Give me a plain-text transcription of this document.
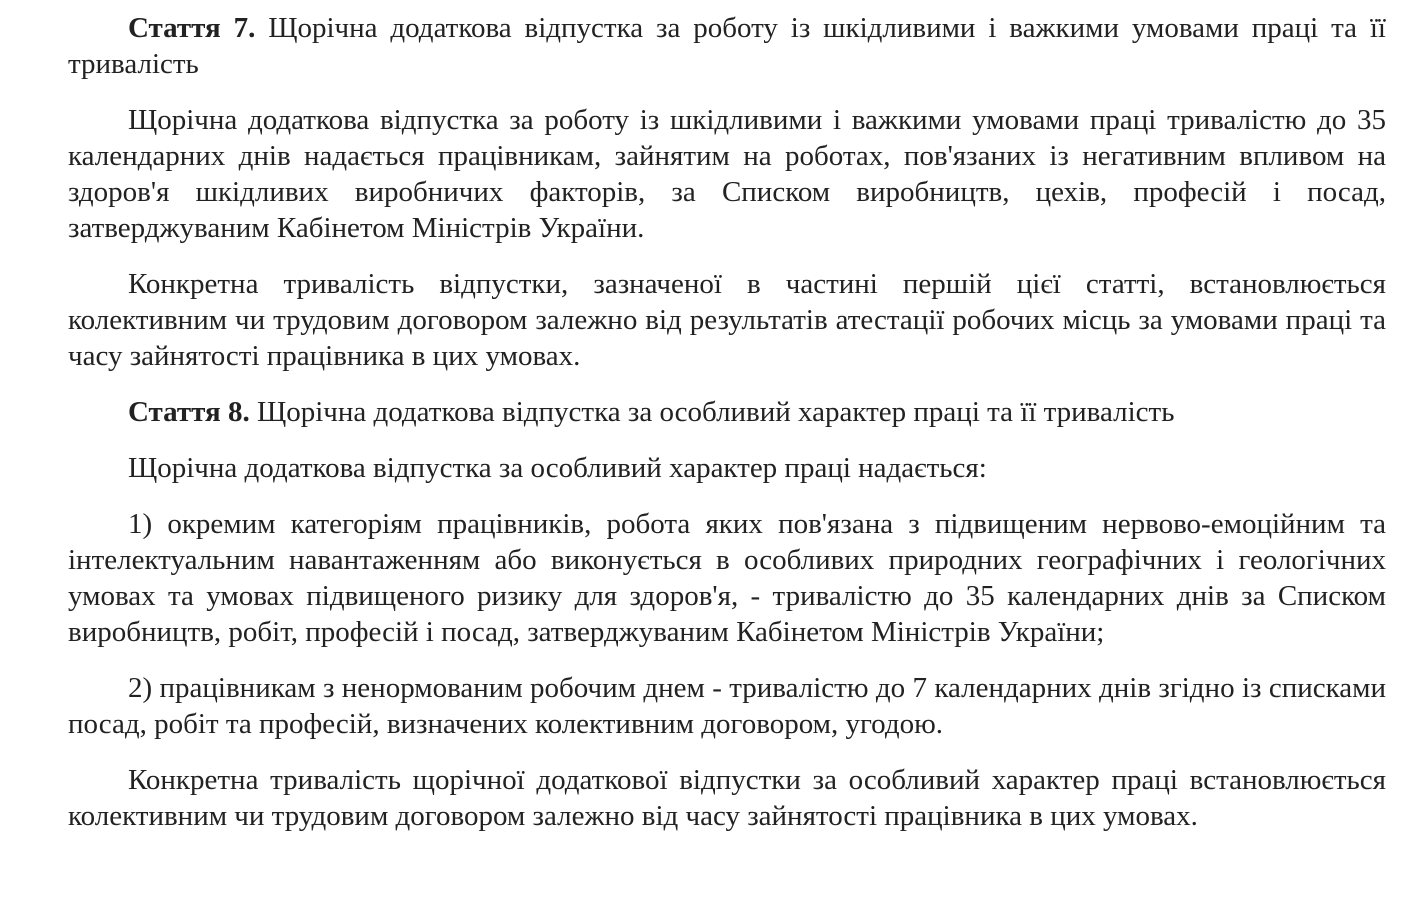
Стаття 7. Щорічна додаткова відпустка за роботу із шкідливими і важкими умовами праці та її тривалість

Щорічна додаткова відпустка за роботу із шкідливими і важкими умовами праці тривалістю до 35 календарних днів надається працівникам, зайнятим на роботах, пов'язаних із негативним впливом на здоров'я шкідливих виробничих факторів, за Списком виробництв, цехів, професій і посад, затверджуваним Кабінетом Міністрів України.

Конкретна тривалість відпустки, зазначеної в частині першій цієї статті, встановлюється колективним чи трудовим договором залежно від результатів атестації робочих місць за умовами праці та часу зайнятості працівника в цих умовах.

Стаття 8. Щорічна додаткова відпустка за особливий характер праці та її тривалість

Щорічна додаткова відпустка за особливий характер праці надається:

1) окремим категоріям працівників, робота яких пов'язана з підвищеним нервово-емоційним та інтелектуальним навантаженням або виконується в особливих природних географічних і геологічних умовах та умовах підвищеного ризику для здоров'я, - тривалістю до 35 календарних днів за Списком виробництв, робіт, професій і посад, затверджуваним Кабінетом Міністрів України;

2) працівникам з ненормованим робочим днем - тривалістю до 7 календарних днів згідно із списками посад, робіт та професій, визначених колективним договором, угодою.

Конкретна тривалість щорічної додаткової відпустки за особливий характер праці встановлюється колективним чи трудовим договором залежно від часу зайнятості працівника в цих умовах.
